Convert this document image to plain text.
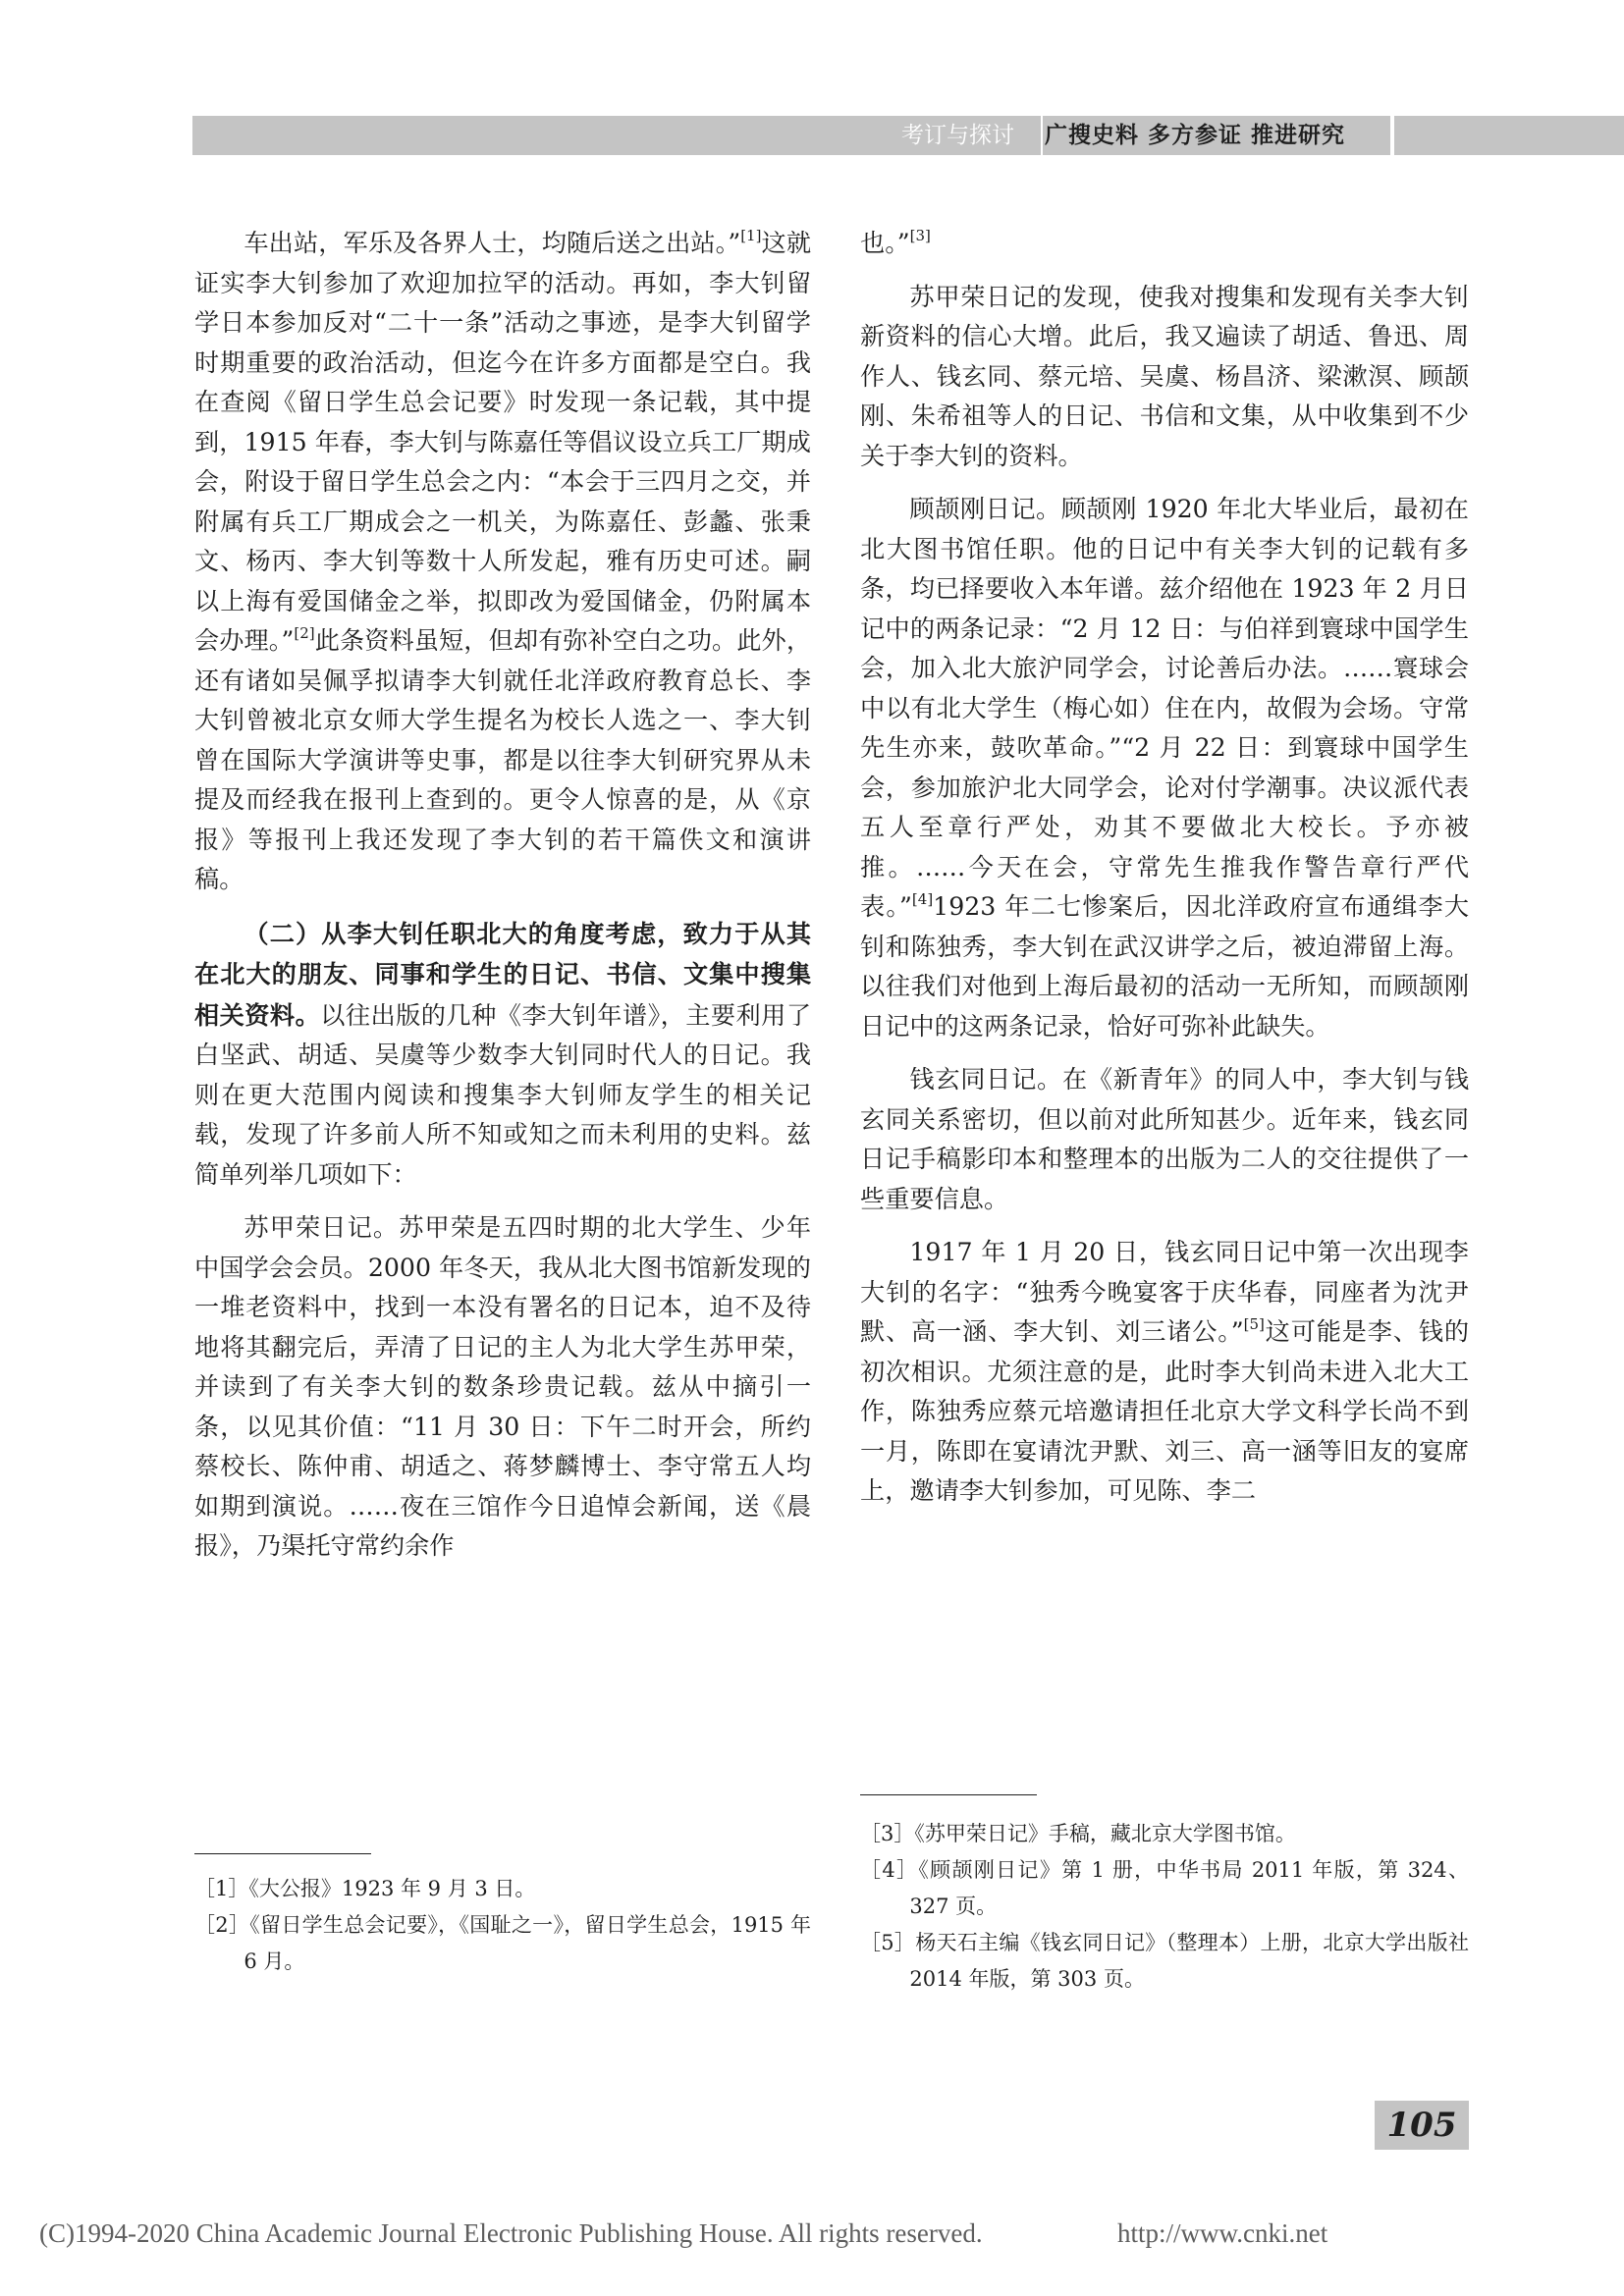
考订与探讨 广搜史料 多方参证 推进研究

车出站，军乐及各界人士，均随后送之出站。”[1]这就证实李大钊参加了欢迎加拉罕的活动。再如，李大钊留学日本参加反对“二十一条”活动之事迹，是李大钊留学时期重要的政治活动，但迄今在许多方面都是空白。我在查阅《留日学生总会记要》时发现一条记载，其中提到，1915 年春，李大钊与陈嘉任等倡议设立兵工厂期成会，附设于留日学生总会之内：“本会于三四月之交，并附属有兵工厂期成会之一机关，为陈嘉任、彭蠡、张秉文、杨丙、李大钊等数十人所发起，雅有历史可述。嗣以上海有爱国储金之举，拟即改为爱国储金，仍附属本会办理。”[2]此条资料虽短，但却有弥补空白之功。此外，还有诸如吴佩孚拟请李大钊就任北洋政府教育总长、李大钊曾被北京女师大学生提名为校长人选之一、李大钊曾在国际大学演讲等史事，都是以往李大钊研究界从未提及而经我在报刊上查到的。更令人惊喜的是，从《京报》等报刊上我还发现了李大钊的若干篇佚文和演讲稿。

（二）从李大钊任职北大的角度考虑，致力于从其在北大的朋友、同事和学生的日记、书信、文集中搜集相关资料。以往出版的几种《李大钊年谱》，主要利用了白坚武、胡适、吴虞等少数李大钊同时代人的日记。我则在更大范围内阅读和搜集李大钊师友学生的相关记载，发现了许多前人所不知或知之而未利用的史料。兹简单列举几项如下：

苏甲荣日记。苏甲荣是五四时期的北大学生、少年中国学会会员。2000 年冬天，我从北大图书馆新发现的一堆老资料中，找到一本没有署名的日记本，迫不及待地将其翻完后，弄清了日记的主人为北大学生苏甲荣，并读到了有关李大钊的数条珍贵记载。兹从中摘引一条，以见其价值：“11 月 30 日：下午二时开会，所约蔡校长、陈仲甫、胡适之、蒋梦麟博士、李守常五人均如期到演说。……夜在三馆作今日追悼会新闻，送《晨报》，乃渠托守常约余作

也。”[3]

苏甲荣日记的发现，使我对搜集和发现有关李大钊新资料的信心大增。此后，我又遍读了胡适、鲁迅、周作人、钱玄同、蔡元培、吴虞、杨昌济、梁漱溟、顾颉刚、朱希祖等人的日记、书信和文集，从中收集到不少关于李大钊的资料。

顾颉刚日记。顾颉刚 1920 年北大毕业后，最初在北大图书馆任职。他的日记中有关李大钊的记载有多条，均已择要收入本年谱。兹介绍他在 1923 年 2 月日记中的两条记录：“2 月 12 日：与伯祥到寰球中国学生会，加入北大旅沪同学会，讨论善后办法。……寰球会中以有北大学生（梅心如）住在内，故假为会场。守常先生亦来，鼓吹革命。”“2 月 22 日：到寰球中国学生会，参加旅沪北大同学会，论对付学潮事。决议派代表五人至章行严处，劝其不要做北大校长。予亦被推。……今天在会，守常先生推我作警告章行严代表。”[4]1923 年二七惨案后，因北洋政府宣布通缉李大钊和陈独秀，李大钊在武汉讲学之后，被迫滞留上海。以往我们对他到上海后最初的活动一无所知，而顾颉刚日记中的这两条记录，恰好可弥补此缺失。

钱玄同日记。在《新青年》的同人中，李大钊与钱玄同关系密切，但以前对此所知甚少。近年来，钱玄同日记手稿影印本和整理本的出版为二人的交往提供了一些重要信息。

1917 年 1 月 20 日，钱玄同日记中第一次出现李大钊的名字：“独秀今晚宴客于庆华春，同座者为沈尹默、高一涵、李大钊、刘三诸公。”[5]这可能是李、钱的初次相识。尤须注意的是，此时李大钊尚未进入北大工作，陈独秀应蔡元培邀请担任北京大学文科学长尚不到一月，陈即在宴请沈尹默、刘三、高一涵等旧友的宴席上，邀请李大钊参加，可见陈、李二

［1］《大公报》1923 年 9 月 3 日。

［2］《留日学生总会记要》，《国耻之一》，留日学生总会，1915 年 6 月。

［3］《苏甲荣日记》手稿，藏北京大学图书馆。

［4］《顾颉刚日记》第 1 册，中华书局 2011 年版，第 324、327 页。

［5］杨天石主编《钱玄同日记》（整理本）上册，北京大学出版社 2014 年版，第 303 页。

105
(C)1994-2020 China Academic Journal Electronic Publishing House. All rights reserved.	http://www.cnki.net
